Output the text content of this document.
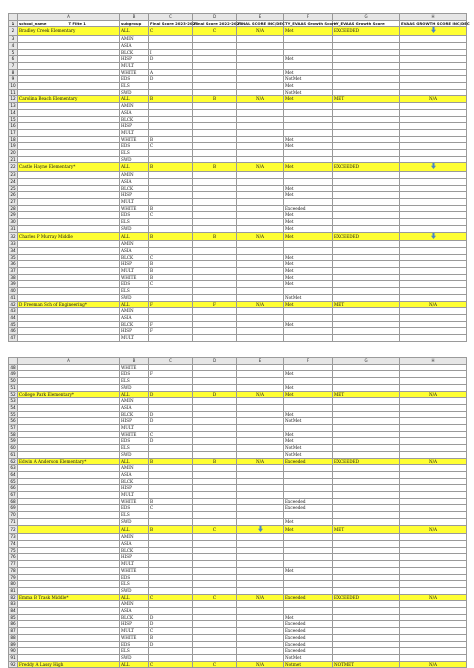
	A	B	C	D	E	F	G	H
1	school_name T Filte 1	subgroup	Final Score 2023-2024	Final Score 2022-2023	FINAL SCORE INC/DEC	TY_EVAAS Growth Score	LY_EVAAS Growth Score	EVAAS GROWTH SCORE INC/DEC
2	Bradley Creek Elementary	ALL	C	C	N/A	Met	EXCEEDED	
3		AMIN						
4		ASIA						
5		BLCK	I					
6		HISP	D			Met		
7		MULT						
8		WHITE	A			Met		
9		EDS	D			NotMet		
10		ELS				Met		
11		SWD				NotMet		
12	Carolina Beach Elementary	ALL	B	B	N/A	Met	MET	N/A
13		AMIN						
14		ASIA						
15		BLCK						
16		HISP						
17		MULT						
18		WHITE	B			Met		
19		EDS	C			Met		
20		ELS						
21		SWD						
22	Castle Hayne Elementary*	ALL	B	B	N/A	Met	EXCEEDED	
23		AMIN						
24		ASIA						
25		BLCK				Met		
26		HISP				Met		
27		MULT						
28		WHITE	B			Exceeded		
29		EDS	C			Met		
30		ELS				Met		
31		SWD				Met		
32	Charles P Murray Middle	ALL	B	B	N/A	Met	EXCEEDED	
33		AMIN						
34		ASIA						
35		BLCK	C			Met		
36		HISP	B			Met		
37		MULT	B			Met		
38		WHITE	B			Met		
39		EDS	C			Met		
40		ELS						
41		SWD				NotMet		
42	D Freeman Sch of Engineering*	ALL	F	F	N/A	Met	MET	N/A
43		AMIN						
44		ASIA						
45		BLCK	F			Met		
46		HISP	F					
47		MULT						
	A	B	C	D	E	F	G	H
48		WHITE						
49		EDS	F			Met		
50		ELS						
51		SWD				Met		
52	College Park Elementary*	ALL	D	D	N/A	Met	MET	N/A
53		AMIN						
54		ASIA						
55		BLCK	D			Met		
56		HISP	D			NotMet		
57		MULT						
58		WHITE	C			Met		
59		EDS	D			Met		
60		ELS				NotMet		
61		SWD				NotMet		
62	Edwin A Anderson Elementary*	ALL	B	B	N/A	Exceeded	EXCEEDED	N/A
63		AMIN						
64		ASIA						
65		BLCK						
66		HISP						
67		MULT						
68		WHITE	B			Exceeded		
69		EDS	C			Exceeded		
70		ELS						
71		SWD				Met		
72		ALL	B	C		Met	MET	N/A
73		AMIN						
74		ASIA						
75		BLCK						
76		HISP						
77		MULT						
78		WHITE				Met		
79		EDS						
80		ELS						
81		SWD						
82	Emma B Trask Middle*	ALL	C	C	N/A	Exceeded	EXCEEDED	N/A
83		AMIN						
84		ASIA						
85		BLCK	D			Met		
86		HISP	D			Exceeded		
87		MULT	C			Exceeded		
88		WHITE	B			Exceeded		
89		EDS	D			Exceeded		
90		ELS				Exceeded		
91		SWD				NotMet		
92	Freddy A Lassy High	ALL	C	C	N/A	Notmet	NOTMET	N/A
